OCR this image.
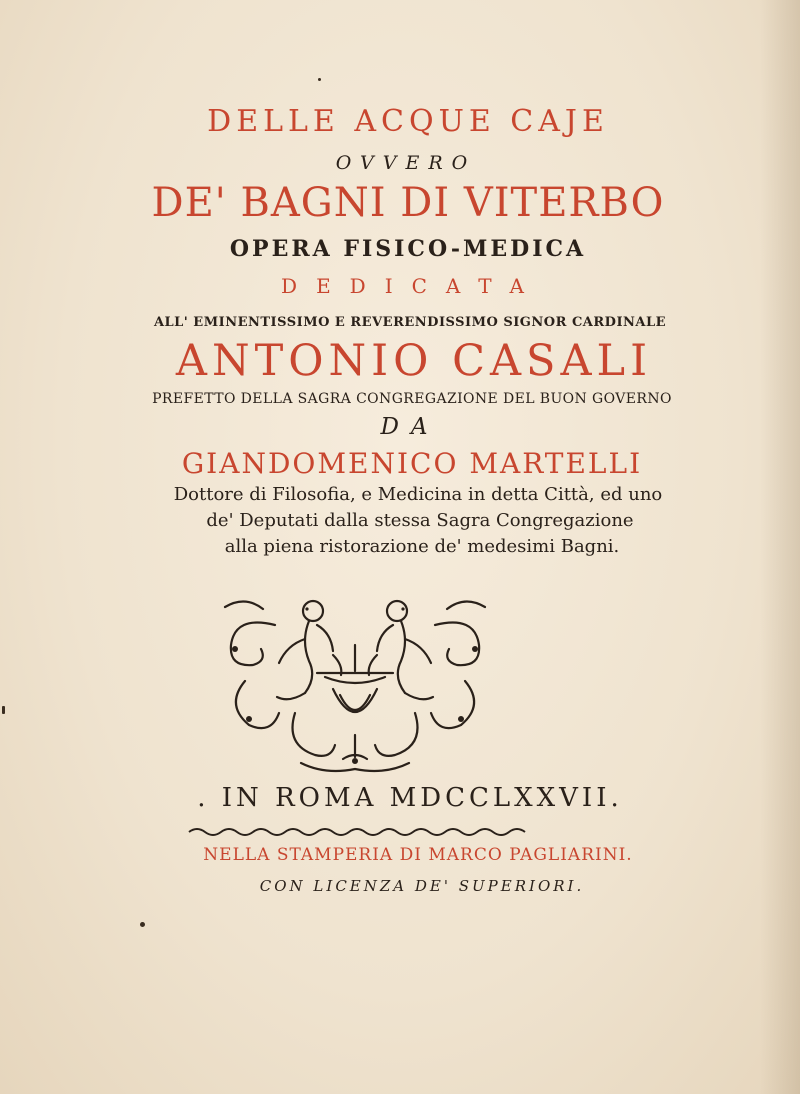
DELLE ACQUE CAJE
OVVERO
DE' BAGNI DI VITERBO
OPERA FISICO-MEDICA
DEDICATA
ALL' EMINENTISSIMO E REVERENDISSIMO SIGNOR CARDINALE
ANTONIO CASALI
PREFETTO DELLA SAGRA CONGREGAZIONE DEL BUON GOVERNO
DA
GIANDOMENICO MARTELLI
Dottore di Filosofia, e Medicina in detta Città, ed uno
de' Deputati dalla stessa Sagra Congregazione
alla piena ristorazione de' medesimi Bagni.
. IN ROMA MDCCLXXVII.
NELLA STAMPERIA DI MARCO PAGLIARINI.
CON LICENZA DE' SUPERIORI.
